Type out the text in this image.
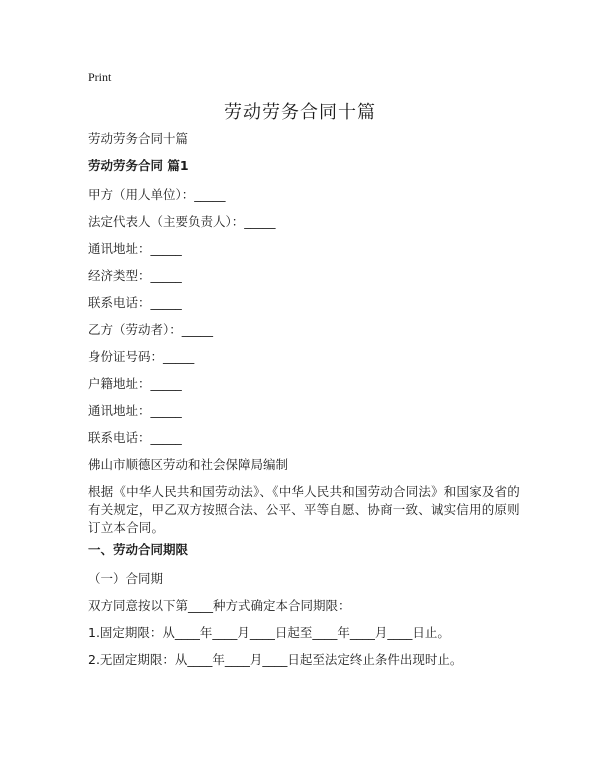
Print
劳动劳务合同十篇
劳动劳务合同十篇
劳动劳务合同 篇1
甲方（用人单位）：_____
法定代表人（主要负责人）：_____
通讯地址：_____
经济类型：_____
联系电话：_____
乙方（劳动者）：_____
身份证号码：_____
户籍地址：_____
通讯地址：_____
联系电话：_____
佛山市顺德区劳动和社会保障局编制
根据《中华人民共和国劳动法》、《中华人民共和国劳动合同法》和国家及省的有关规定，甲乙双方按照合法、公平、平等自愿、协商一致、诚实信用的原则订立本合同。
一、劳动合同期限
（一）合同期
双方同意按以下第____种方式确定本合同期限：
1.固定期限：从____年____月____日起至____年____月____日止。
2.无固定期限：从____年____月____日起至法定终止条件出现时止。
